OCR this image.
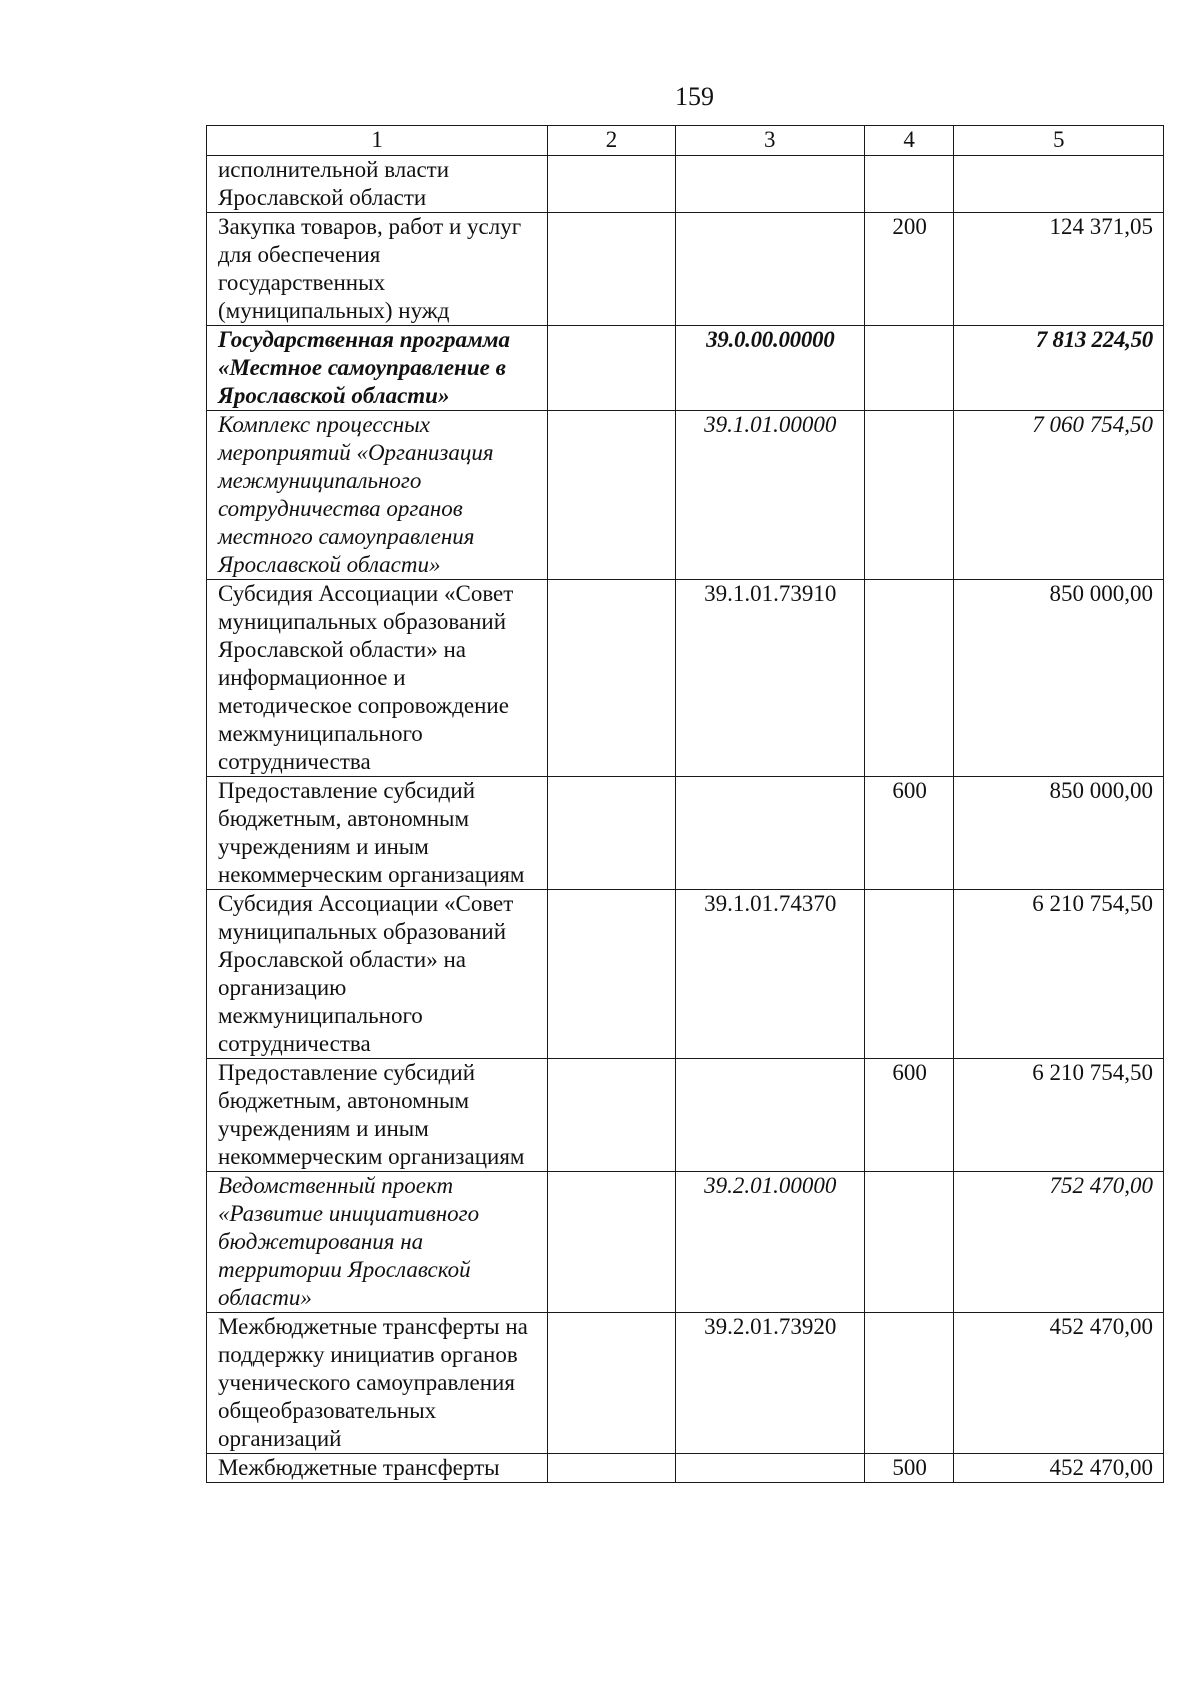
159
1	2	3	4	5
исполнительной власти Ярославской области				
Закупка товаров, работ и услуг для обеспечения государственных (муниципальных) нужд			200	124 371,05
Государственная программа «Местное самоуправление в Ярославской области»		39.0.00.00000		7 813 224,50
Комплекс процессных мероприятий «Организация межмуниципального сотрудничества органов местного самоуправления Ярославской области»		39.1.01.00000		7 060 754,50
Субсидия Ассоциации «Совет муниципальных образований Ярославской области» на информационное и методическое сопровождение межмуниципального сотрудничества		39.1.01.73910		850 000,00
Предоставление субсидий бюджетным, автономным учреждениям и иным некоммерческим организациям			600	850 000,00
Субсидия Ассоциации «Совет муниципальных образований Ярославской области» на организацию межмуниципального сотрудничества		39.1.01.74370		6 210 754,50
Предоставление субсидий бюджетным, автономным учреждениям и иным некоммерческим организациям			600	6 210 754,50
Ведомственный проект «Развитие инициативного бюджетирования на территории Ярославской области»		39.2.01.00000		752 470,00
Межбюджетные трансферты на поддержку инициатив органов ученического самоуправления общеобразовательных организаций		39.2.01.73920		452 470,00
Межбюджетные трансферты			500	452 470,00
